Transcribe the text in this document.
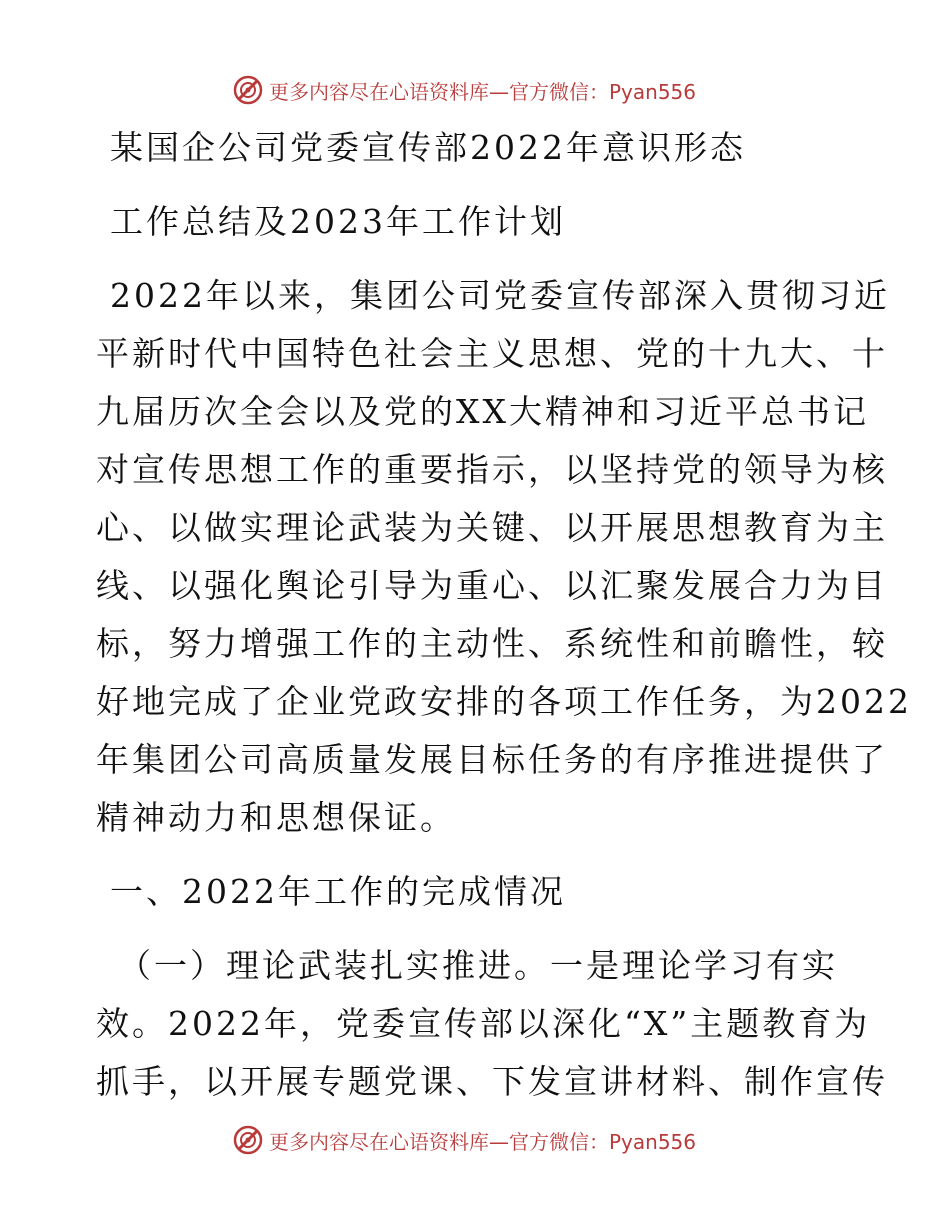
更多内容尽在心语资料库—官方微信：Pyan556
某国企公司党委宣传部2022年意识形态
工作总结及2023年工作计划
2022年以来，集团公司党委宣传部深入贯彻习近
平新时代中国特色社会主义思想、党的十九大、十
九届历次全会以及党的XX大精神和习近平总书记
对宣传思想工作的重要指示，以坚持党的领导为核
心、以做实理论武装为关键、以开展思想教育为主
线、以强化舆论引导为重心、以汇聚发展合力为目
标，努力增强工作的主动性、系统性和前瞻性，较
好地完成了企业党政安排的各项工作任务，为2022
年集团公司高质量发展目标任务的有序推进提供了
精神动力和思想保证。
一、2022年工作的完成情况
（一）理论武装扎实推进。一是理论学习有实
效。2022年，党委宣传部以深化“X”主题教育为
抓手，以开展专题党课、下发宣讲材料、制作宣传
更多内容尽在心语资料库—官方微信：Pyan556
